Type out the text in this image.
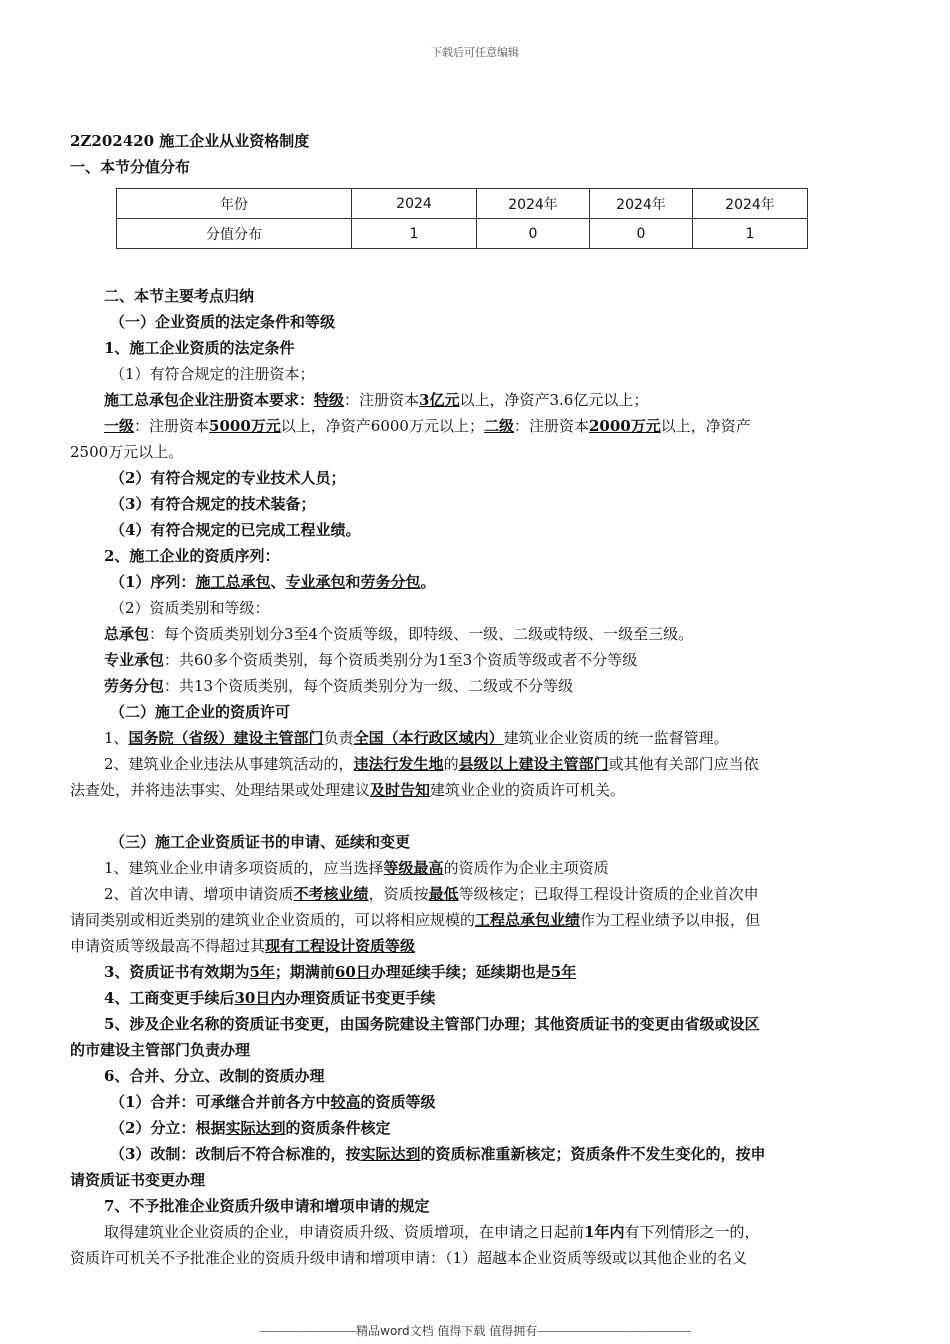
下载后可任意编辑
2Z202420 施工企业从业资格制度
一、本节分值分布
年份	2024	2024年	2024年	2024年
分值分布	1	0	0	1
二、本节主要考点归纳
（一）企业资质的法定条件和等级
1、施工企业资质的法定条件
（1）有符合规定的注册资本；
施工总承包企业注册资本要求：特级：注册资本3亿元以上，净资产3.6亿元以上；
一级：注册资本5000万元以上，净资产6000万元以上；二级：注册资本2000万元以上，净资产
2500万元以上。
（2）有符合规定的专业技术人员；
（3）有符合规定的技术装备；
（4）有符合规定的已完成工程业绩。
2、施工企业的资质序列：
（1）序列：施工总承包、专业承包和劳务分包。
（2）资质类别和等级：
总承包：每个资质类别划分3至4个资质等级，即特级、一级、二级或特级、一级至三级。
专业承包：共60多个资质类别，每个资质类别分为1至3个资质等级或者不分等级
劳务分包：共13个资质类别，每个资质类别分为一级、二级或不分等级
（二）施工企业的资质许可
1、国务院（省级）建设主管部门负责全国（本行政区域内）建筑业企业资质的统一监督管理。
2、建筑业企业违法从事建筑活动的，违法行发生地的县级以上建设主管部门或其他有关部门应当依
法查处，并将违法事实、处理结果或处理建议及时告知建筑业企业的资质许可机关。
（三）施工企业资质证书的申请、延续和变更
1、建筑业企业申请多项资质的，应当选择等级最高的资质作为企业主项资质
2、首次申请、增项申请资质不考核业绩，资质按最低等级核定；已取得工程设计资质的企业首次申
请同类别或相近类别的建筑业企业资质的，可以将相应规模的工程总承包业绩作为工程业绩予以申报，但
申请资质等级最高不得超过其现有工程设计资质等级
3、资质证书有效期为5年；期满前60日办理延续手续；延续期也是5年
4、工商变更手续后30日内办理资质证书变更手续
5、涉及企业名称的资质证书变更，由国务院建设主管部门办理；其他资质证书的变更由省级或设区
的市建设主管部门负责办理
6、合并、分立、改制的资质办理
（1）合并：可承继合并前各方中较高的资质等级
（2）分立：根据实际达到的资质条件核定
（3）改制：改制后不符合标准的，按实际达到的资质标准重新核定；资质条件不发生变化的，按申
请资质证书变更办理
7、不予批准企业资质升级申请和增项申请的规定
取得建筑业企业资质的企业，申请资质升级、资质增项，在申请之日起前1年内有下列情形之一的，
资质许可机关不予批准企业的资质升级申请和增项申请：（1）超越本企业资质等级或以其他企业的名义
-----------------------------精品word文档 值得下载 值得拥有----------------------------------------------
